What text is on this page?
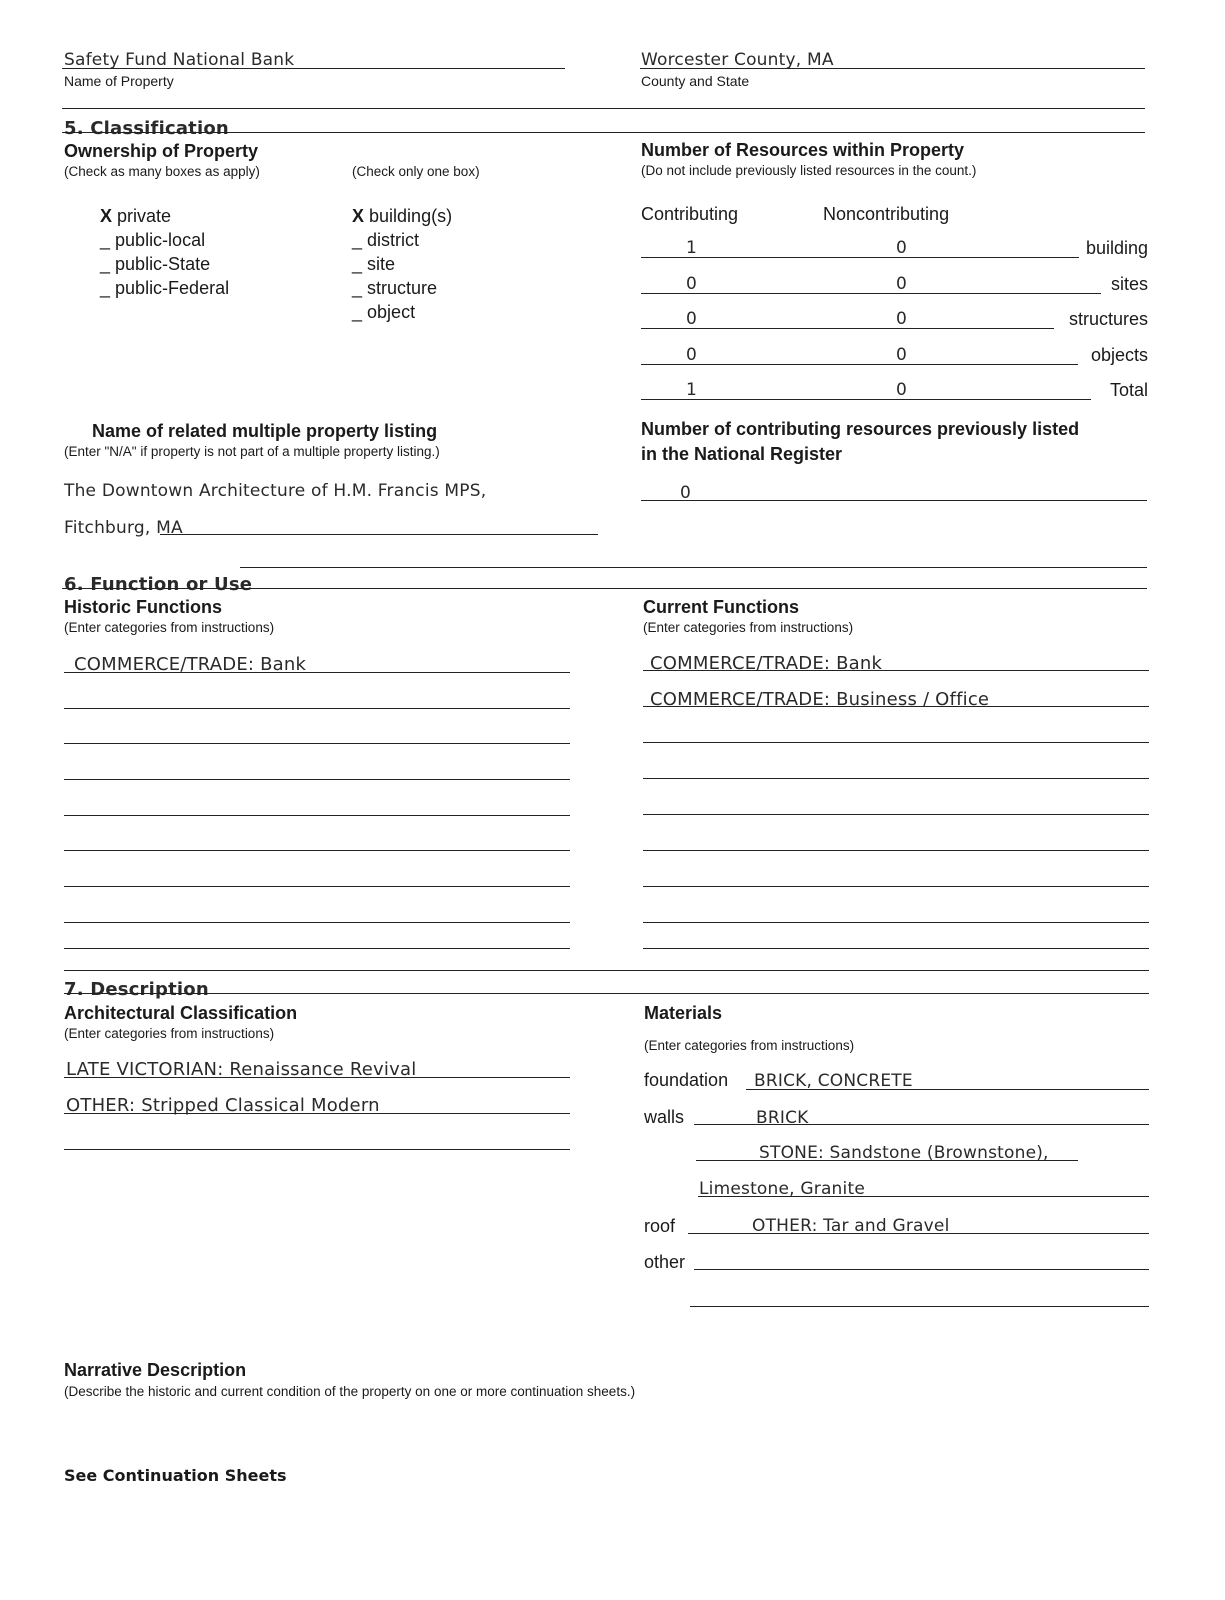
Safety Fund National Bank
Name of Property
Worcester County, MA
County and State
5. Classification
Ownership of Property
(Check as many boxes as apply)	(Check only one box)
X private
_ public-local
_ public-State
_ public-Federal
X building(s)
_ district
_ site
_ structure
_ object
Number of Resources within Property
(Do not include previously listed resources in the count.)
Contributing	Noncontributing
1	0	building
0	0	sites
0	0	structures
0	0	objects
1	0	Total
Name of related multiple property listing
(Enter "N/A" if property is not part of a multiple property listing.)
The Downtown Architecture of H.M. Francis MPS,
Fitchburg, MA
Number of contributing resources previously listed
in the National Register
0
6. Function or Use
Historic Functions
(Enter categories from instructions)
COMMERCE/TRADE: Bank
Current Functions
(Enter categories from instructions)
COMMERCE/TRADE: Bank
COMMERCE/TRADE: Business / Office
7. Description
Architectural Classification
(Enter categories from instructions)
LATE VICTORIAN: Renaissance Revival
OTHER: Stripped Classical Modern
Materials
(Enter categories from instructions)
foundation BRICK, CONCRETE
walls	BRICK
STONE: Sandstone (Brownstone),
Limestone, Granite
roof	OTHER: Tar and Gravel
other
Narrative Description
(Describe the historic and current condition of the property on one or more continuation sheets.)
See Continuation Sheets
